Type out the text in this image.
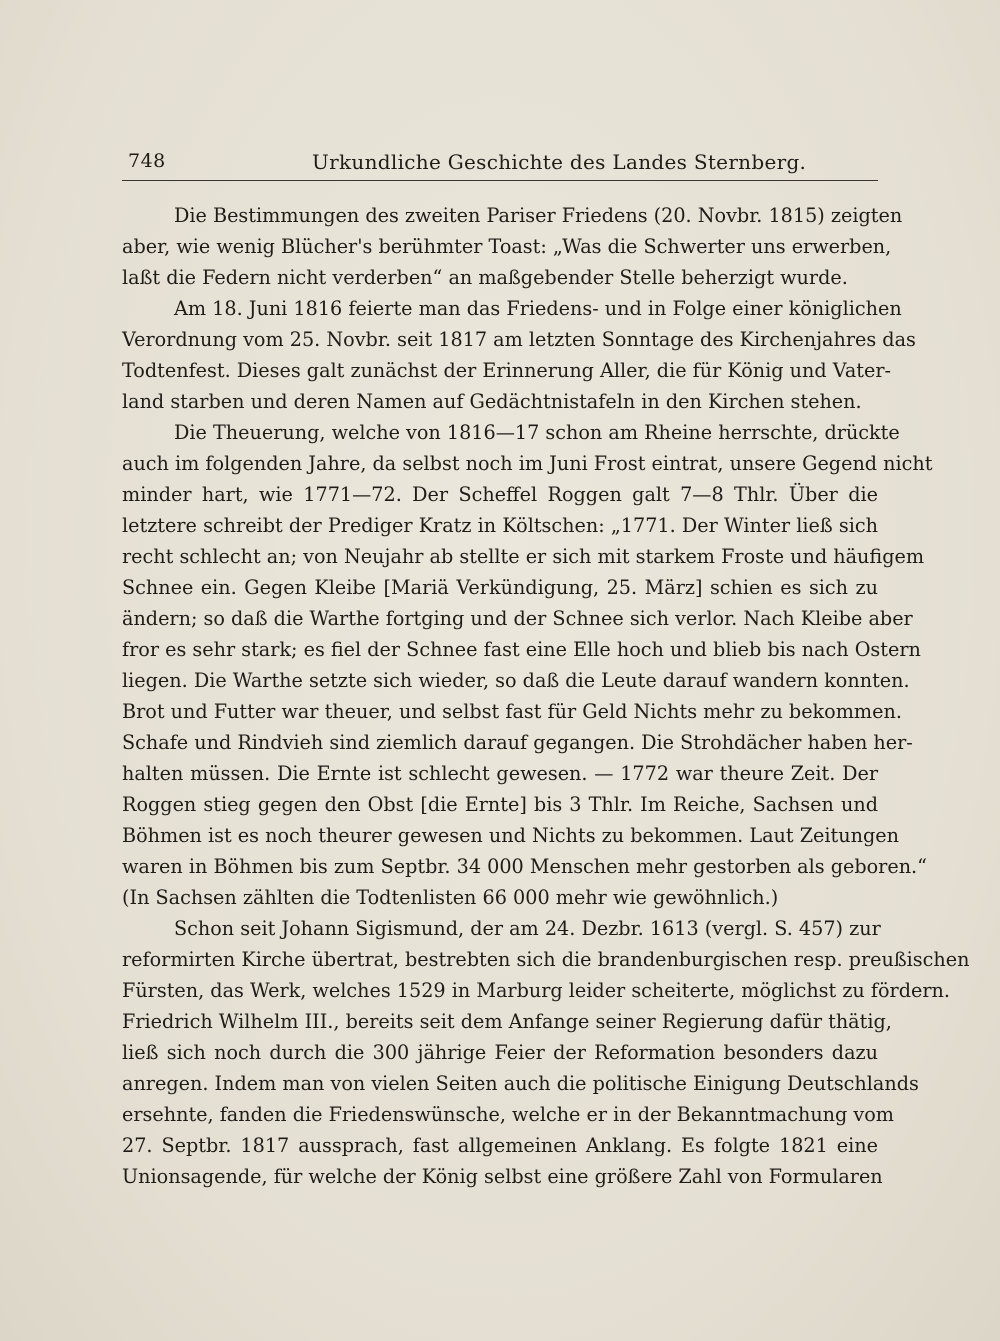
748	Urkundliche Geschichte des Landes Sternberg.
Die Bestimmungen des zweiten Pariser Friedens (20. Novbr. 1815) zeigten
aber, wie wenig Blücher's berühmter Toast: „Was die Schwerter uns erwerben,
laßt die Federn nicht verderben“ an maßgebender Stelle beherzigt wurde.
Am 18. Juni 1816 feierte man das Friedens- und in Folge einer königlichen
Verordnung vom 25. Novbr. seit 1817 am letzten Sonntage des Kirchenjahres das
Todtenfest. Dieses galt zunächst der Erinnerung Aller, die für König und Vater-
land starben und deren Namen auf Gedächtnistafeln in den Kirchen stehen.
Die Theuerung, welche von 1816—17 schon am Rheine herrschte, drückte
auch im folgenden Jahre, da selbst noch im Juni Frost eintrat, unsere Gegend nicht
minder hart, wie 1771—72. Der Scheffel Roggen galt 7—8 Thlr. Über die
letztere schreibt der Prediger Kratz in Költschen: „1771. Der Winter ließ sich
recht schlecht an; von Neujahr ab stellte er sich mit starkem Froste und häufigem
Schnee ein. Gegen Kleibe [Mariä Verkündigung, 25. März] schien es sich zu
ändern; so daß die Warthe fortging und der Schnee sich verlor. Nach Kleibe aber
fror es sehr stark; es fiel der Schnee fast eine Elle hoch und blieb bis nach Ostern
liegen. Die Warthe setzte sich wieder, so daß die Leute darauf wandern konnten.
Brot und Futter war theuer, und selbst fast für Geld Nichts mehr zu bekommen.
Schafe und Rindvieh sind ziemlich darauf gegangen. Die Strohdächer haben her-
halten müssen. Die Ernte ist schlecht gewesen. — 1772 war theure Zeit. Der
Roggen stieg gegen den Obst [die Ernte] bis 3 Thlr. Im Reiche, Sachsen und
Böhmen ist es noch theurer gewesen und Nichts zu bekommen. Laut Zeitungen
waren in Böhmen bis zum Septbr. 34 000 Menschen mehr gestorben als geboren.“
(In Sachsen zählten die Todtenlisten 66 000 mehr wie gewöhnlich.)
Schon seit Johann Sigismund, der am 24. Dezbr. 1613 (vergl. S. 457) zur
reformirten Kirche übertrat, bestrebten sich die brandenburgischen resp. preußischen
Fürsten, das Werk, welches 1529 in Marburg leider scheiterte, möglichst zu fördern.
Friedrich Wilhelm III., bereits seit dem Anfange seiner Regierung dafür thätig,
ließ sich noch durch die 300 jährige Feier der Reformation besonders dazu
anregen. Indem man von vielen Seiten auch die politische Einigung Deutschlands
ersehnte, fanden die Friedenswünsche, welche er in der Bekanntmachung vom
27. Septbr. 1817 aussprach, fast allgemeinen Anklang. Es folgte 1821 eine
Unionsagende, für welche der König selbst eine größere Zahl von Formularen
